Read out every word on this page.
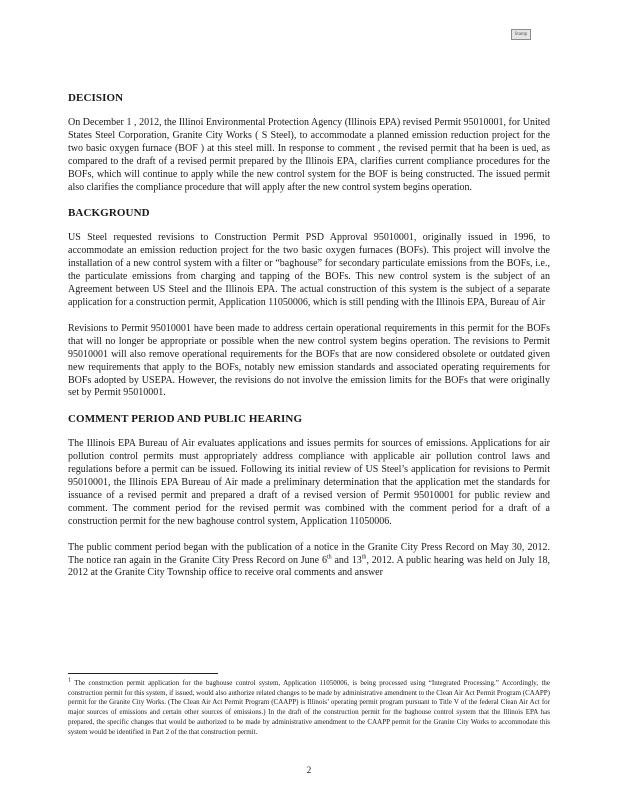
Stamp
DECISION

On December 1 , 2012, the Illinoi Environmental Protection Agency (Illinois EPA) revised Permit 95010001, for United States Steel Corporation, Granite City Works ( S Steel), to accommodate a planned emission reduction project for the two basic oxygen furnace (BOF ) at this steel mill. In response to comment , the revised permit that ha been is ued, as compared to the draft of a revised permit prepared by the Illinois EPA, clarifies current compliance procedures for the BOFs, which will continue to apply while the new control system for the BOF is being constructed. The issued permit also clarifies the compliance procedure that will apply after the new control system begins operation.

BACKGROUND

US Steel requested revisions to Construction Permit PSD Approval 95010001, originally issued in 1996, to accommodate an emission reduction project for the two basic oxygen furnaces (BOFs). This project will involve the installation of a new control system with a filter or “baghouse” for secondary particulate emissions from the BOFs, i.e., the particulate emissions from charging and tapping of the BOFs. This new control system is the subject of an Agreement between US Steel and the Illinois EPA. The actual construction of this system is the subject of a separate application for a construction permit, Application 11050006, which is still pending with the Illinois EPA, Bureau of Air

Revisions to Permit 95010001 have been made to address certain operational requirements in this permit for the BOFs that will no longer be appropriate or possible when the new control system begins operation. The revisions to Permit 95010001 will also remove operational requirements for the BOFs that are now considered obsolete or outdated given new requirements that apply to the BOFs, notably new emission standards and associated operating requirements for BOFs adopted by USEPA. However, the revisions do not involve the emission limits for the BOFs that were originally set by Permit 95010001.

COMMENT PERIOD AND PUBLIC HEARING

The Illinois EPA Bureau of Air evaluates applications and issues permits for sources of emissions. Applications for air pollution control permits must appropriately address compliance with applicable air pollution control laws and regulations before a permit can be issued. Following its initial review of US Steel’s application for revisions to Permit 95010001, the Illinois EPA Bureau of Air made a preliminary determination that the application met the standards for issuance of a revised permit and prepared a draft of a revised version of Permit 95010001 for public review and comment. The comment period for the revised permit was combined with the comment period for a draft of a construction permit for the new baghouse control system, Application 11050006.

The public comment period began with the publication of a notice in the Granite City Press Record on May 30, 2012. The notice ran again in the Granite City Press Record on June 6th and 13th, 2012. A public hearing was held on July 18, 2012 at the Granite City Township office to receive oral comments and answer

$^1$ The construction permit application for the baghouse control system, Application 11050006, is being processed using “Integrated Processing.” Accordingly, the construction permit for this system, if issued, would also authorize related changes to be made by administrative amendment to the Clean Air Act Permit Program (CAAPP) permit for the Granite City Works. (The Clean Air Act Permit Program (CAAPP) is Illinois’ operating permit program pursuant to Title V of the federal Clean Air Act for major sources of emissions and certain other sources of emissions.) In the draft of the construction permit for the baghouse control system that the Illinois EPA has prepared, the specific changes that would be authorized to be made by administrative amendment to the CAAPP permit for the Granite City Works to accommodate this system would be identified in Part 2 of the that construction permit.

2
